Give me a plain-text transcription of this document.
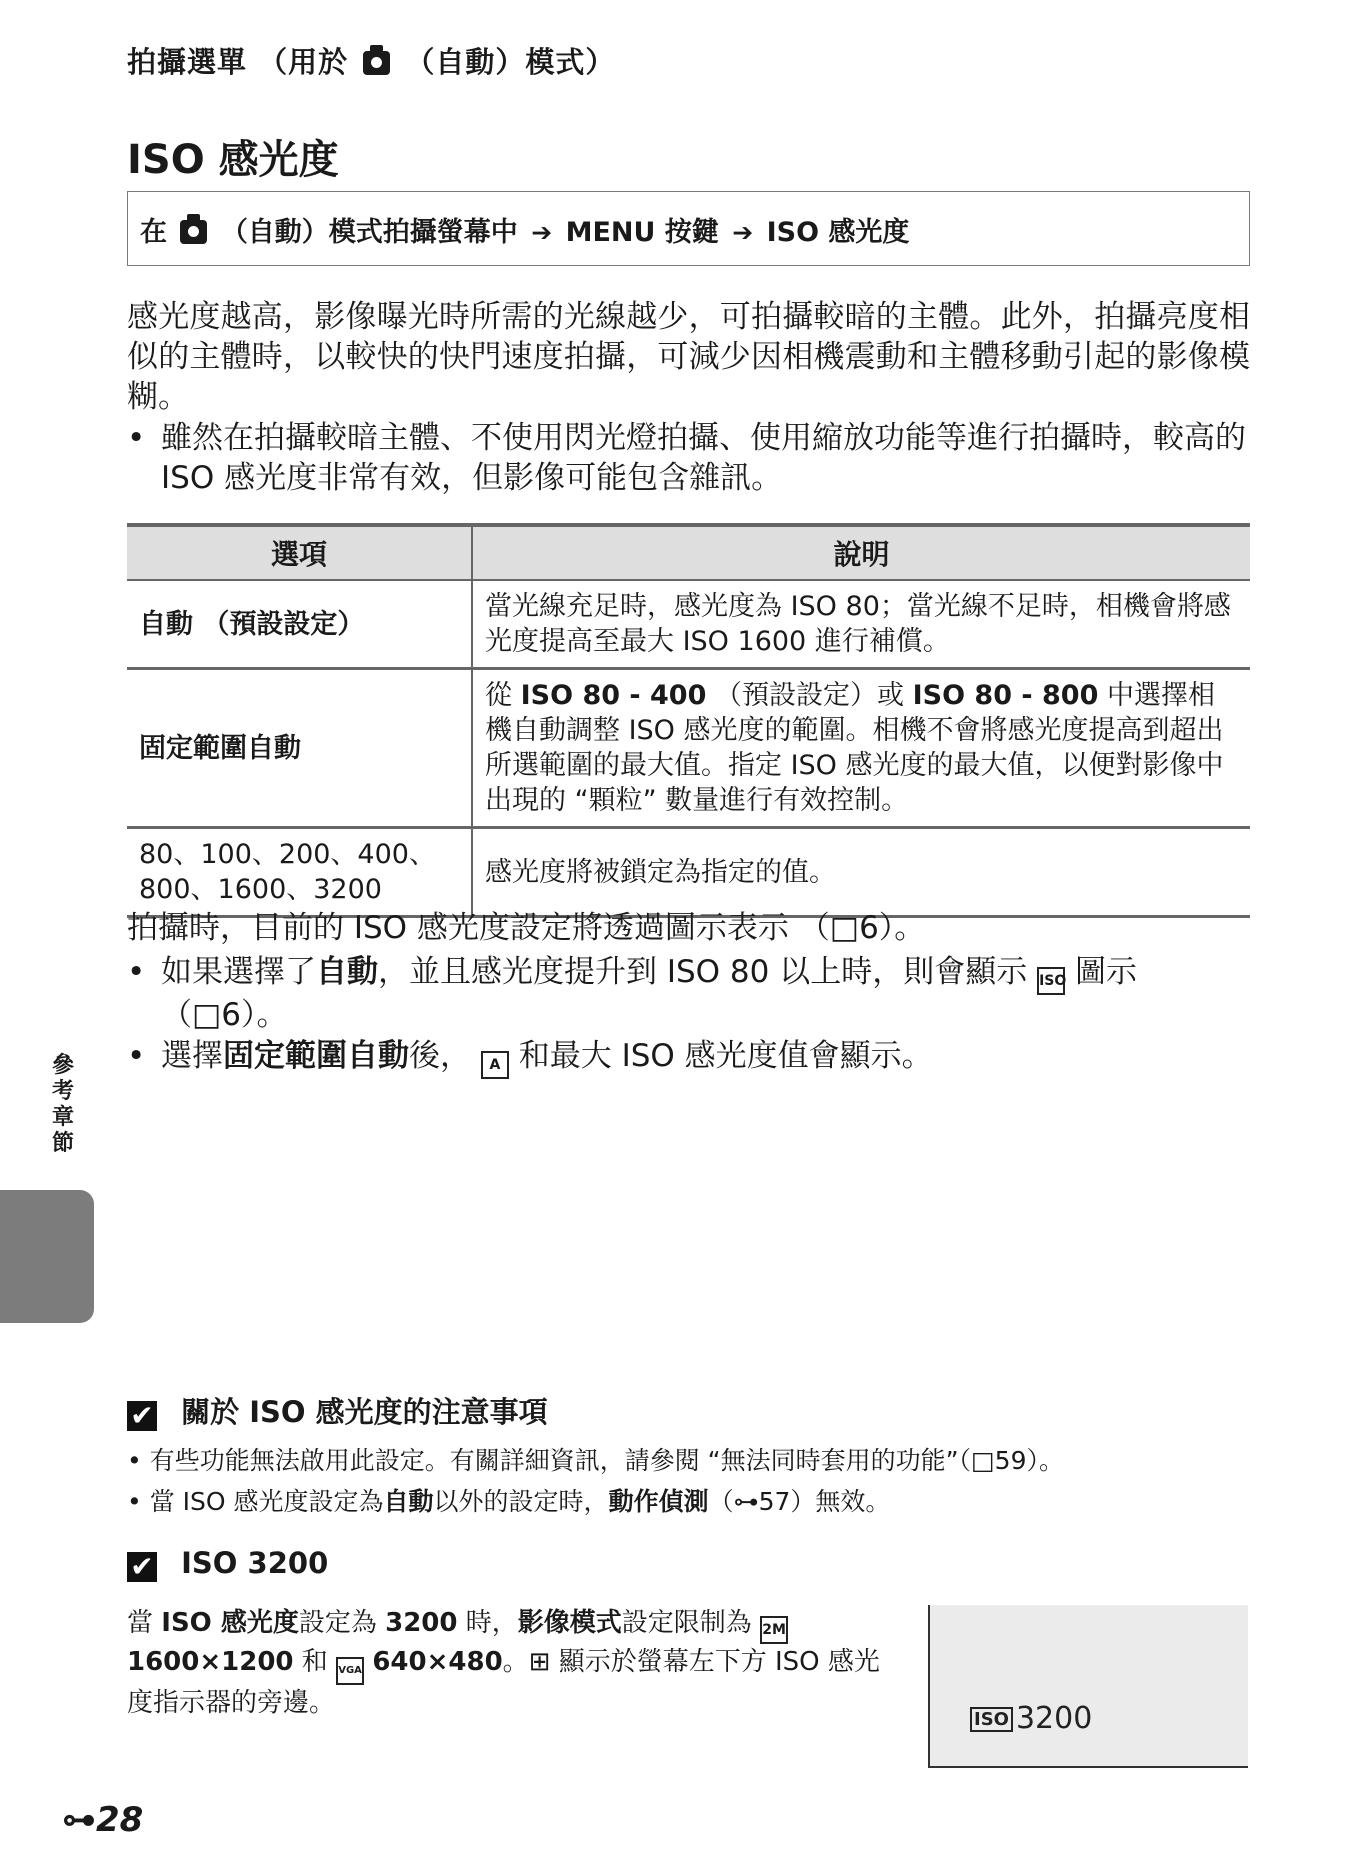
拍攝選單 （用於 （自動）模式）
ISO 感光度
在 （自動）模式拍攝螢幕中 ➔ MENU 按鍵 ➔ ISO 感光度
感光度越高，影像曝光時所需的光線越少，可拍攝較暗的主體。此外，拍攝亮度相似的主體時，以較快的快門速度拍攝，可減少因相機震動和主體移動引起的影像模糊。
• 雖然在拍攝較暗主體、不使用閃光燈拍攝、使用縮放功能等進行拍攝時，較高的 ISO 感光度非常有效，但影像可能包含雜訊。
選項	說明
自動 （預設設定）	當光線充足時，感光度為 ISO 80；當光線不足時，相機會將感光度提高至最大 ISO 1600 進行補償。
固定範圍自動	從 ISO 80 - 400 （預設設定）或 ISO 80 - 800 中選擇相機自動調整 ISO 感光度的範圍。相機不會將感光度提高到超出所選範圍的最大值。指定 ISO 感光度的最大值，以便對影像中出現的 “顆粒” 數量進行有效控制。
80、100、200、400、800、1600、3200	感光度將被鎖定為指定的值。
拍攝時，目前的 ISO 感光度設定將透過圖示表示 （□6）。
• 如果選擇了自動，並且感光度提升到 ISO 80 以上時，則會顯示 ISO 圖示（□6）。
• 選擇固定範圍自動後， A 和最大 ISO 感光度值會顯示。
參考章節
✔ 關於 ISO 感光度的注意事項
• 有些功能無法啟用此設定。有關詳細資訊，請參閱 “無法同時套用的功能”（□59）。
• 當 ISO 感光度設定為自動以外的設定時，動作偵測（⊶57）無效。
✔ ISO 3200
當 ISO 感光度設定為 3200 時，影像模式設定限制為 2M 1600×1200 和 VGA 640×480。⊞ 顯示於螢幕左下方 ISO 感光度指示器的旁邊。
ISO 3200
⊶28
